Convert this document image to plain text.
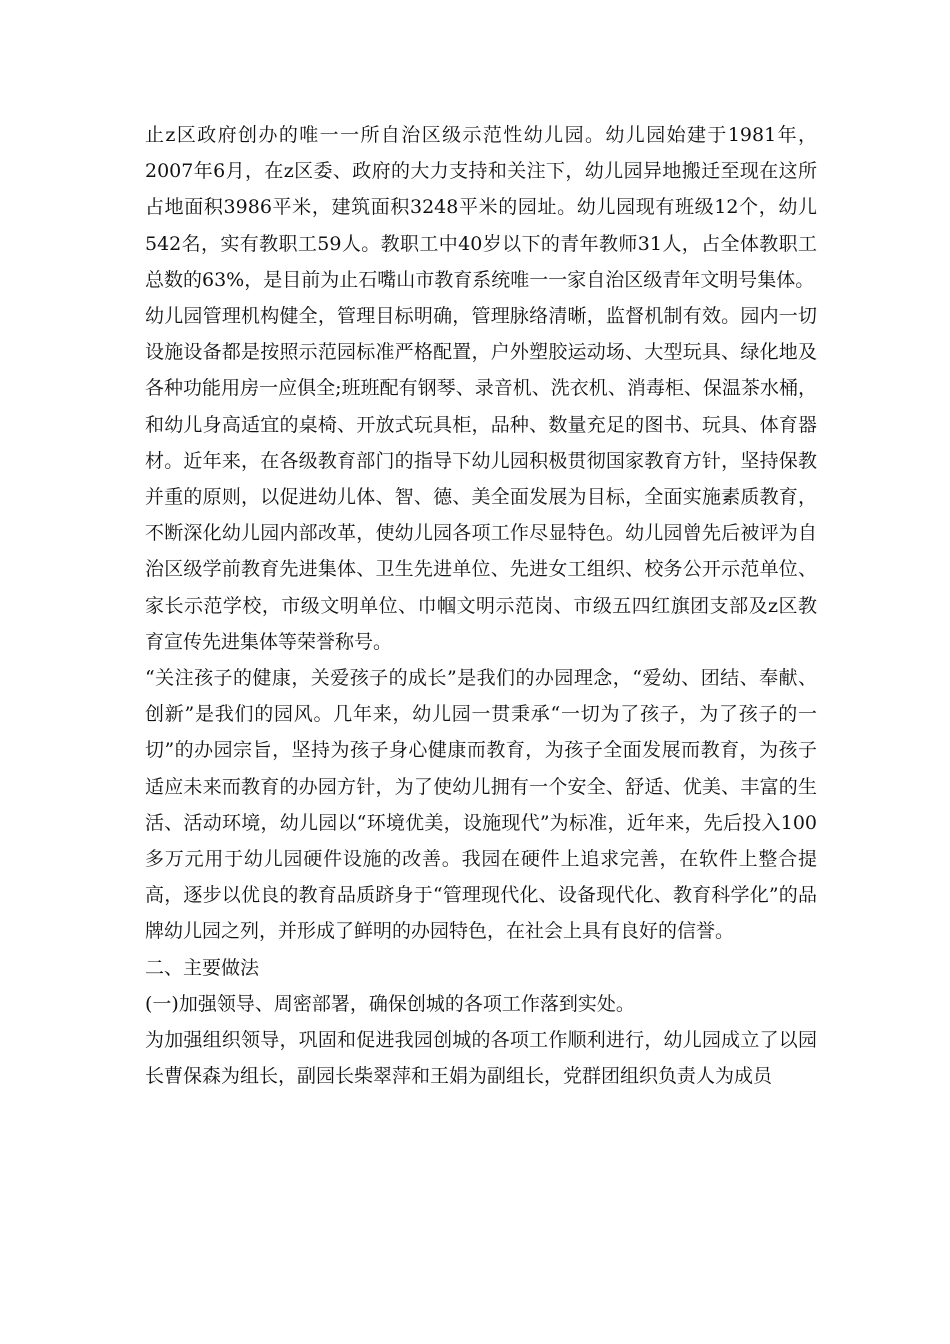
止z区政府创办的唯一一所自治区级示范性幼儿园。幼儿园始建于1981年，2007年6月，在z区委、政府的大力支持和关注下，幼儿园异地搬迁至现在这所占地面积3986平米，建筑面积3248平米的园址。幼儿园现有班级12个，幼儿542名，实有教职工59人。教职工中40岁以下的青年教师31人，占全体教职工总数的63%，是目前为止石嘴山市教育系统唯一一家自治区级青年文明号集体。

幼儿园管理机构健全，管理目标明确，管理脉络清晰，监督机制有效。园内一切设施设备都是按照示范园标准严格配置，户外塑胶运动场、大型玩具、绿化地及各种功能用房一应俱全;班班配有钢琴、录音机、洗衣机、消毒柜、保温茶水桶，和幼儿身高适宜的桌椅、开放式玩具柜，品种、数量充足的图书、玩具、体育器材。近年来，在各级教育部门的指导下幼儿园积极贯彻国家教育方针，坚持保教并重的原则，以促进幼儿体、智、德、美全面发展为目标，全面实施素质教育，不断深化幼儿园内部改革，使幼儿园各项工作尽显特色。幼儿园曾先后被评为自治区级学前教育先进集体、卫生先进单位、先进女工组织、校务公开示范单位、家长示范学校，市级文明单位、巾帼文明示范岗、市级五四红旗团支部及z区教育宣传先进集体等荣誉称号。

“关注孩子的健康，关爱孩子的成长”是我们的办园理念，“爱幼、团结、奉献、创新”是我们的园风。几年来，幼儿园一贯秉承“一切为了孩子，为了孩子的一切”的办园宗旨，坚持为孩子身心健康而教育，为孩子全面发展而教育，为孩子适应未来而教育的办园方针，为了使幼儿拥有一个安全、舒适、优美、丰富的生活、活动环境，幼儿园以“环境优美，设施现代”为标准，近年来，先后投入100多万元用于幼儿园硬件设施的改善。我园在硬件上追求完善，在软件上整合提高，逐步以优良的教育品质跻身于“管理现代化、设备现代化、教育科学化”的品牌幼儿园之列，并形成了鲜明的办园特色，在社会上具有良好的信誉。

二、主要做法

(一)加强领导、周密部署，确保创城的各项工作落到实处。

为加强组织领导，巩固和促进我园创城的各项工作顺利进行，幼儿园成立了以园长曹保森为组长，副园长柴翠萍和王娟为副组长，党群团组织负责人为成员
